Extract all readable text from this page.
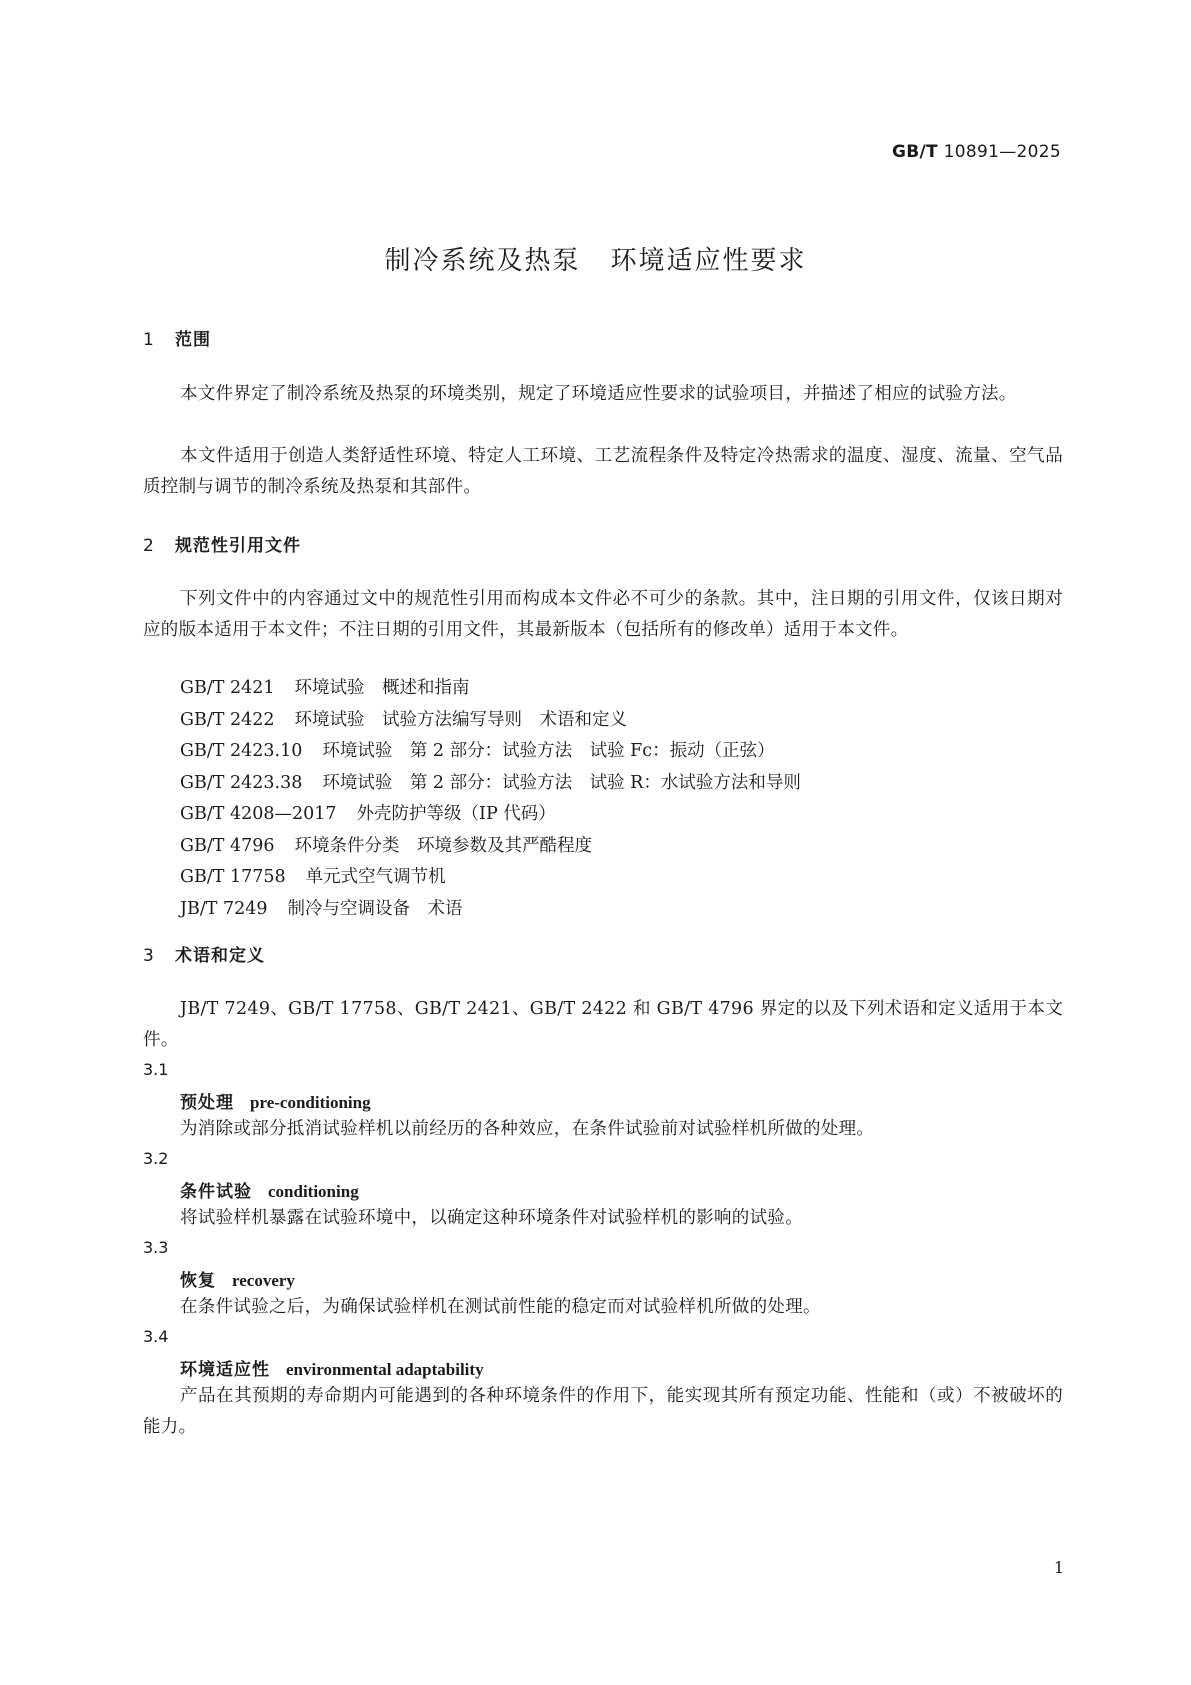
GB/T 10891—2025
制冷系统及热泵 环境适应性要求
1 范围
本文件界定了制冷系统及热泵的环境类别，规定了环境适应性要求的试验项目，并描述了相应的试验方法。
本文件适用于创造人类舒适性环境、特定人工环境、工艺流程条件及特定冷热需求的温度、湿度、流量、空气品质控制与调节的制冷系统及热泵和其部件。
2 规范性引用文件
下列文件中的内容通过文中的规范性引用而构成本文件必不可少的条款。其中，注日期的引用文件，仅该日期对应的版本适用于本文件；不注日期的引用文件，其最新版本（包括所有的修改单）适用于本文件。
GB/T 2421 环境试验　概述和指南
GB/T 2422 环境试验　试验方法编写导则　术语和定义
GB/T 2423.10 环境试验　第 2 部分：试验方法　试验 Fc：振动（正弦）
GB/T 2423.38 环境试验　第 2 部分：试验方法　试验 R：水试验方法和导则
GB/T 4208—2017 外壳防护等级（IP 代码）
GB/T 4796 环境条件分类　环境参数及其严酷程度
GB/T 17758 单元式空气调节机
JB/T 7249 制冷与空调设备　术语
3 术语和定义
JB/T 7249、GB/T 17758、GB/T 2421、GB/T 2422 和 GB/T 4796 界定的以及下列术语和定义适用于本文件。
3.1
预处理 pre-conditioning
为消除或部分抵消试验样机以前经历的各种效应，在条件试验前对试验样机所做的处理。
3.2
条件试验 conditioning
将试验样机暴露在试验环境中，以确定这种环境条件对试验样机的影响的试验。
3.3
恢复 recovery
在条件试验之后，为确保试验样机在测试前性能的稳定而对试验样机所做的处理。
3.4
环境适应性 environmental adaptability
产品在其预期的寿命期内可能遇到的各种环境条件的作用下，能实现其所有预定功能、性能和（或）不被破坏的能力。
1
